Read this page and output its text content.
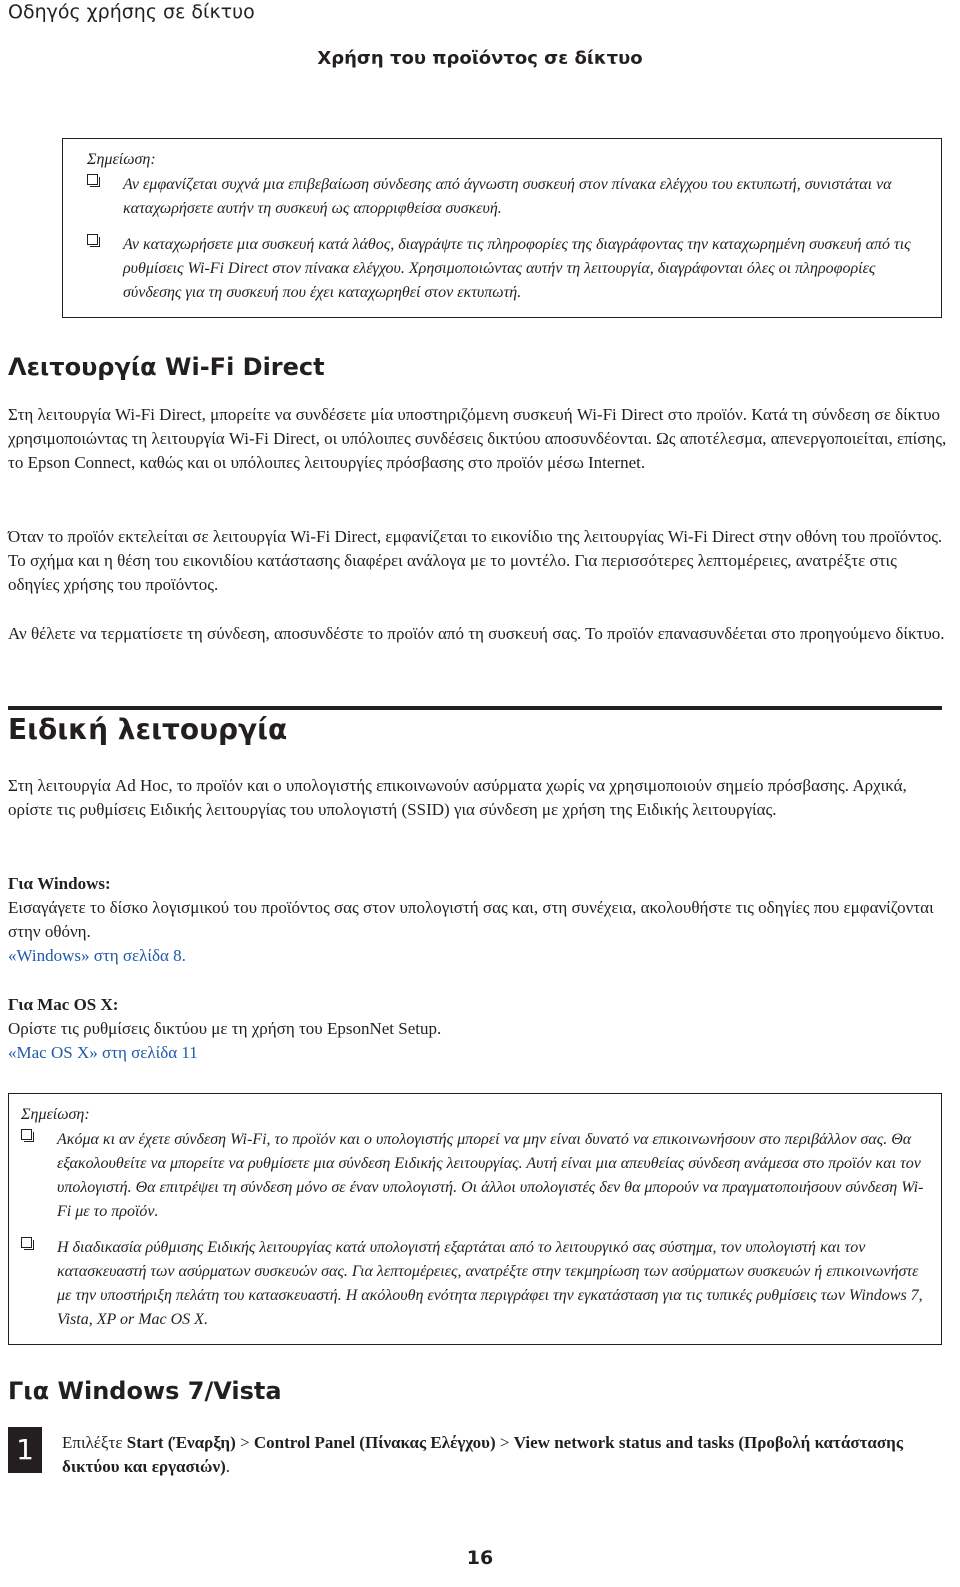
Οδηγός χρήσης σε δίκτυο
Χρήση του προϊόντος σε δίκτυο
Σημείωση:
Αν εμφανίζεται συχνά μια επιβεβαίωση σύνδεσης από άγνωστη συσκευή στον πίνακα ελέγχου του εκτυπωτή, συνιστάται να καταχωρήσετε αυτήν τη συσκευή ως απορριφθείσα συσκευή.
Αν καταχωρήσετε μια συσκευή κατά λάθος, διαγράψτε τις πληροφορίες της διαγράφοντας την καταχωρημένη συσκευή από τις ρυθμίσεις Wi-Fi Direct στον πίνακα ελέγχου. Χρησιμοποιώντας αυτήν τη λειτουργία, διαγράφονται όλες οι πληροφορίες σύνδεσης για τη συσκευή που έχει καταχωρηθεί στον εκτυπωτή.
Λειτουργία Wi-Fi Direct

Στη λειτουργία Wi-Fi Direct, μπορείτε να συνδέσετε μία υποστηριζόμενη συσκευή Wi-Fi Direct στο προϊόν. Κατά τη σύνδεση σε δίκτυο χρησιμοποιώντας τη λειτουργία Wi-Fi Direct, οι υπόλοιπες συνδέσεις δικτύου αποσυνδέονται. Ως αποτέλεσμα, απενεργοποιείται, επίσης, το Epson Connect, καθώς και οι υπόλοιπες λειτουργίες πρόσβασης στο προϊόν μέσω Internet.

Όταν το προϊόν εκτελείται σε λειτουργία Wi-Fi Direct, εμφανίζεται το εικονίδιο της λειτουργίας Wi-Fi Direct στην οθόνη του προϊόντος. Το σχήμα και η θέση του εικονιδίου κατάστασης διαφέρει ανάλογα με το μοντέλο. Για περισσότερες λεπτομέρειες, ανατρέξτε στις οδηγίες χρήσης του προϊόντος.

Αν θέλετε να τερματίσετε τη σύνδεση, αποσυνδέστε το προϊόν από τη συσκευή σας. Το προϊόν επανασυνδέεται στο προηγούμενο δίκτυο.

Ειδική λειτουργία

Στη λειτουργία Ad Hoc, το προϊόν και ο υπολογιστής επικοινωνούν ασύρματα χωρίς να χρησιμοποιούν σημείο πρόσβασης. Αρχικά, ορίστε τις ρυθμίσεις Ειδικής λειτουργίας του υπολογιστή (SSID) για σύνδεση με χρήση της Ειδικής λειτουργίας.

Για Windows:

Εισαγάγετε το δίσκο λογισμικού του προϊόντος σας στον υπολογιστή σας και, στη συνέχεια, ακολουθήστε τις οδηγίες που εμφανίζονται στην οθόνη.

«Windows» στη σελίδα 8.

Για Mac OS X:

Ορίστε τις ρυθμίσεις δικτύου με τη χρήση του EpsonNet Setup.

«Mac OS X» στη σελίδα 11

Σημείωση:
Ακόμα κι αν έχετε σύνδεση Wi-Fi, το προϊόν και ο υπολογιστής μπορεί να μην είναι δυνατό να επικοινωνήσουν στο περιβάλλον σας. Θα εξακολουθείτε να μπορείτε να ρυθμίσετε μια σύνδεση Ειδικής λειτουργίας. Αυτή είναι μια απευθείας σύνδεση ανάμεσα στο προϊόν και τον υπολογιστή. Θα επιτρέψει τη σύνδεση μόνο σε έναν υπολογιστή. Οι άλλοι υπολογιστές δεν θα μπορούν να πραγματοποιήσουν σύνδεση Wi-Fi με το προϊόν.
Η διαδικασία ρύθμισης Ειδικής λειτουργίας κατά υπολογιστή εξαρτάται από το λειτουργικό σας σύστημα, τον υπολογιστή και τον κατασκευαστή των ασύρματων συσκευών σας. Για λεπτομέρειες, ανατρέξτε στην τεκμηρίωση των ασύρματων συσκευών ή επικοινωνήστε με την υποστήριξη πελάτη του κατασκευαστή. Η ακόλουθη ενότητα περιγράφει την εγκατάσταση για τις τυπικές ρυθμίσεις των Windows 7, Vista, XP or Mac OS X.
Για Windows 7/Vista
1	Επιλέξτε Start (Έναρξη) > Control Panel (Πίνακας Ελέγχου) > View network status and tasks (Προβολή κατάστασης δικτύου και εργασιών).

16
